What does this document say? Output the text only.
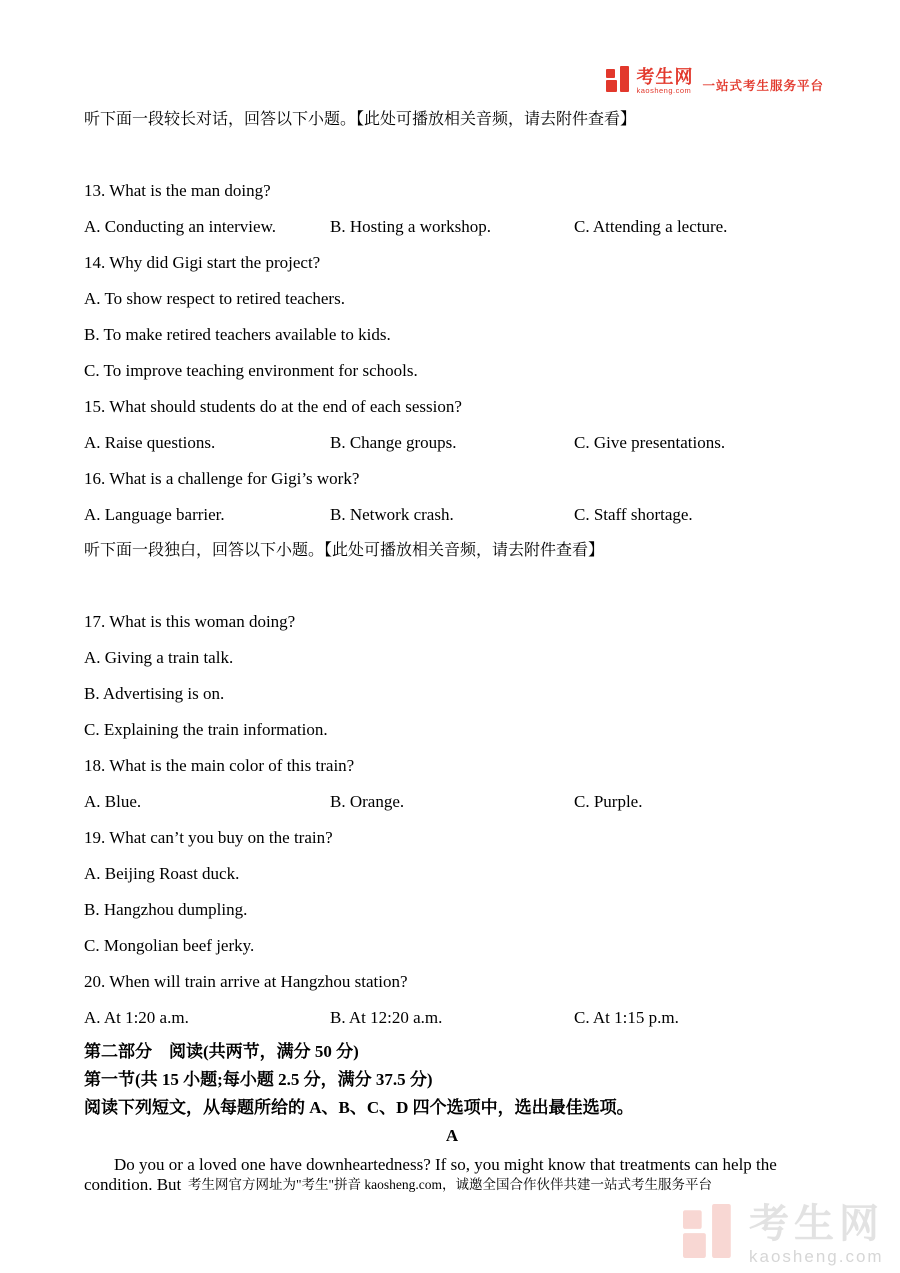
考生网
kaosheng.com 一站式考生服务平台

听下面一段较长对话，回答以下小题。【此处可播放相关音频，请去附件查看】

13. What is the man doing?

A. Conducting an interview.	B. Hosting a workshop.	C. Attending a lecture.

14. Why did Gigi start the project?

A. To show respect to retired teachers.

B. To make retired teachers available to kids.

C. To improve teaching environment for schools.

15. What should students do at the end of each session?

A. Raise questions.	B. Change groups.	C. Give presentations.

16. What is a challenge for Gigi’s work?

A. Language barrier.	B. Network crash.	C. Staff shortage.

听下面一段独白，回答以下小题。【此处可播放相关音频，请去附件查看】

17. What is this woman doing?

A. Giving a train talk.

B. Advertising is on.

C. Explaining the train information.

18. What is the main color of this train?

A. Blue.	B. Orange.	C. Purple.

19. What can’t you buy on the train?

A. Beijing Roast duck.

B. Hangzhou dumpling.

C. Mongolian beef jerky.

20. When will train arrive at Hangzhou station?

A. At 1:20 a.m.	B. At 12:20 a.m.	C. At 1:15 p.m.

第二部分　阅读(共两节，满分 50 分)

第一节(共 15 小题;每小题 2.5 分，满分 37.5 分)

阅读下列短文，从每题所给的 A、B、C、D 四个选项中，选出最佳选项。

A

Do you or a loved one have downheartedness? If so, you might know that treatments can help the condition. But 考生网官方网址为"考生"拼音 kaosheng.com，诚邀全国合作伙伴共建一站式考生服务平台
考生网
kaosheng.com
